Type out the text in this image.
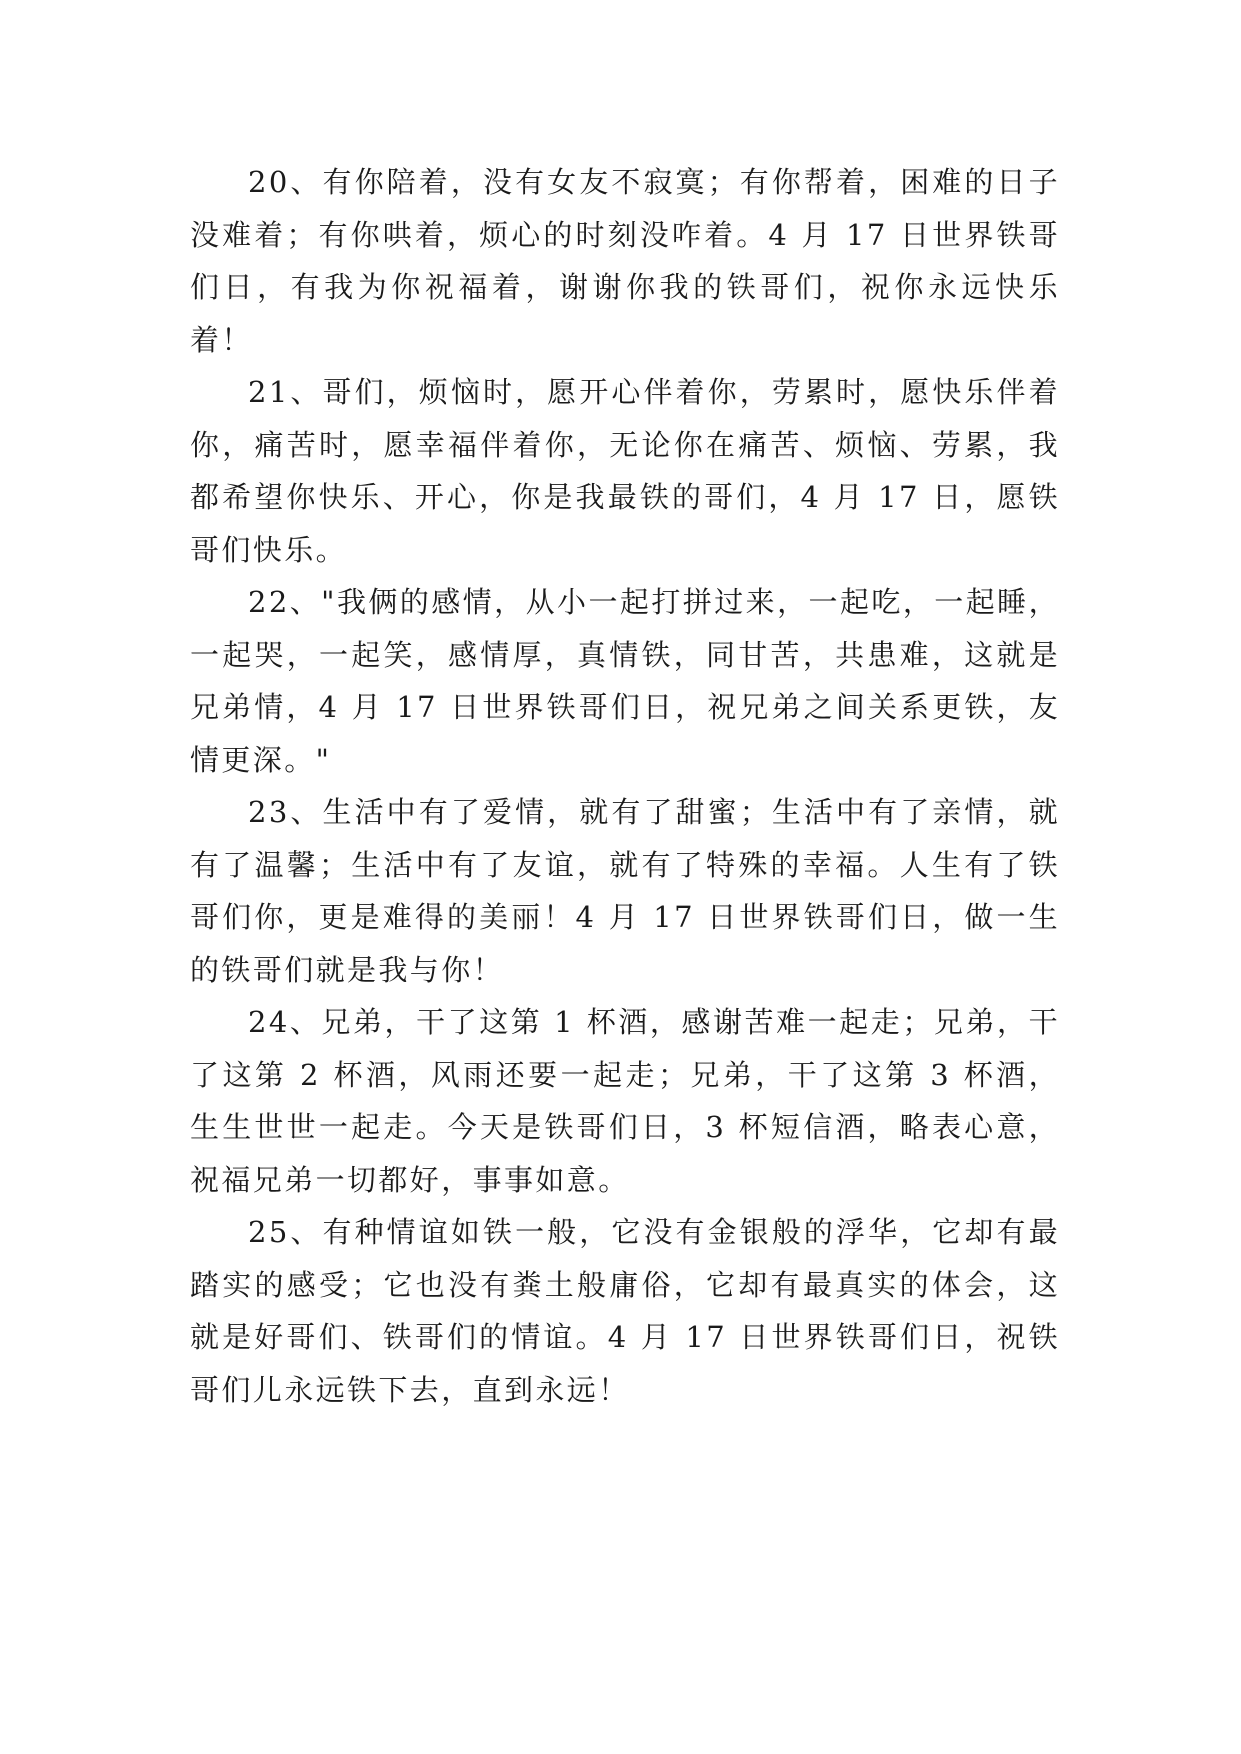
20、有你陪着，没有女友不寂寞；有你帮着，困难的日子没难着；有你哄着，烦心的时刻没咋着。4 月 17 日世界铁哥们日，有我为你祝福着，谢谢你我的铁哥们，祝你永远快乐着！

21、哥们，烦恼时，愿开心伴着你，劳累时，愿快乐伴着你，痛苦时，愿幸福伴着你，无论你在痛苦、烦恼、劳累，我都希望你快乐、开心，你是我最铁的哥们，4 月 17 日，愿铁哥们快乐。

22、"我俩的感情，从小一起打拼过来，一起吃，一起睡，一起哭，一起笑，感情厚，真情铁，同甘苦，共患难，这就是兄弟情，4 月 17 日世界铁哥们日，祝兄弟之间关系更铁，友情更深。"

23、生活中有了爱情，就有了甜蜜；生活中有了亲情，就有了温馨；生活中有了友谊，就有了特殊的幸福。人生有了铁哥们你，更是难得的美丽！4 月 17 日世界铁哥们日，做一生的铁哥们就是我与你！

24、兄弟，干了这第 1 杯酒，感谢苦难一起走；兄弟，干了这第 2 杯酒，风雨还要一起走；兄弟，干了这第 3 杯酒，生生世世一起走。今天是铁哥们日，3 杯短信酒，略表心意，祝福兄弟一切都好，事事如意。

25、有种情谊如铁一般，它没有金银般的浮华，它却有最踏实的感受；它也没有粪土般庸俗，它却有最真实的体会，这就是好哥们、铁哥们的情谊。4 月 17 日世界铁哥们日，祝铁哥们儿永远铁下去，直到永远！
